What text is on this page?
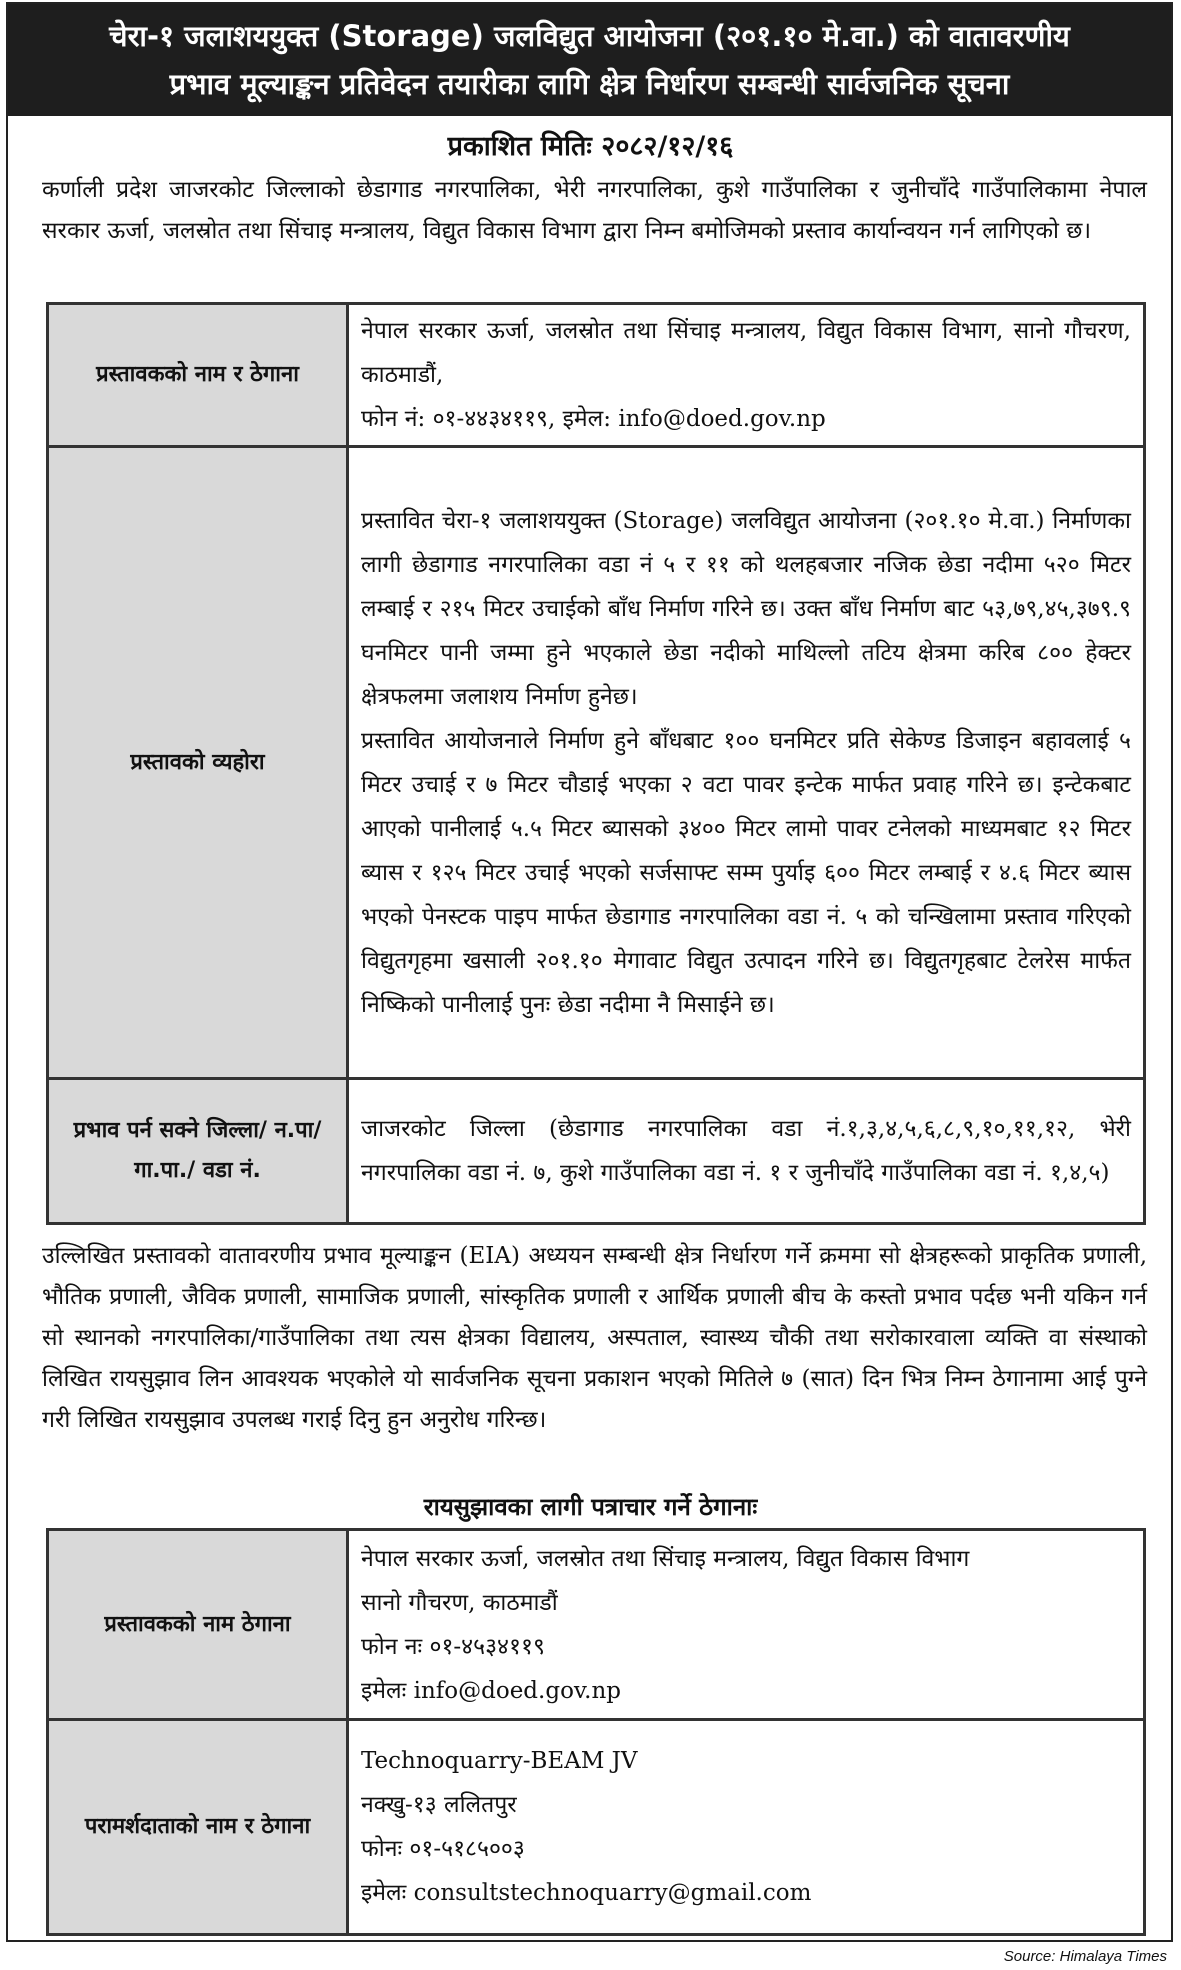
चेरा-१ जलाशययुक्त (Storage) जलविद्युत आयोजना (२०१.१० मे.वा.) को वातावरणीय
प्रभाव मूल्याङ्कन प्रतिवेदन तयारीका लागि क्षेत्र निर्धारण सम्बन्धी सार्वजनिक सूचना
प्रकाशित मितिः २०८२/१२/१६
कर्णाली प्रदेश जाजरकोट जिल्लाको छेडागाड नगरपालिका, भेरी नगरपालिका, कुशे गाउँपालिका र जुनीचाँदे गाउँपालिकामा नेपाल सरकार ऊर्जा, जलस्रोत तथा सिंचाइ मन्त्रालय, विद्युत विकास विभाग द्वारा निम्न बमोजिमको प्रस्ताव कार्यान्वयन गर्न लागिएको छ।
प्रस्तावकको नाम र ठेगाना	नेपाल सरकार ऊर्जा, जलस्रोत तथा सिंचाइ मन्त्रालय, विद्युत विकास विभाग, सानो गौचरण, काठमाडौं,
फोन नं: ०१-४४३४११९, इमेल: info@doed.gov.np

प्रस्तावको व्यहोरा	प्रस्तावित चेरा-१ जलाशययुक्त (Storage) जलविद्युत आयोजना (२०१.१० मे.वा.) निर्माणका लागी छेडागाड नगरपालिका वडा नं ५ र ११ को थलहबजार नजिक छेडा नदीमा ५२० मिटर लम्बाई र २१५ मिटर उचाईको बाँध निर्माण गरिने छ। उक्त बाँध निर्माण बाट ५३,७९,४५,३७९.९ घनमिटर पानी जम्मा हुने भएकाले छेडा नदीको माथिल्लो तटिय क्षेत्रमा करिब ८०० हेक्टर क्षेत्रफलमा जलाशय निर्माण हुनेछ।
प्रस्तावित आयोजनाले निर्माण हुने बाँधबाट १०० घनमिटर प्रति सेकेण्ड डिजाइन बहावलाई ५ मिटर उचाई र ७ मिटर चौडाई भएका २ वटा पावर इन्टेक मार्फत प्रवाह गरिने छ। इन्टेकबाट आएको पानीलाई ५.५ मिटर ब्यासको ३४०० मिटर लामो पावर टनेलको माध्यमबाट १२ मिटर ब्यास र १२५ मिटर उचाई भएको सर्जसाफ्ट सम्म पुर्याइ ६०० मिटर लम्बाई र ४.६ मिटर ब्यास भएको पेनस्टक पाइप मार्फत छेडागाड नगरपालिका वडा नं. ५ को चन्खिलामा प्रस्ताव गरिएको विद्युतगृहमा खसाली २०१.१० मेगावाट विद्युत उत्पादन गरिने छ। विद्युतगृहबाट टेलरेस मार्फत निष्किको पानीलाई पुनः छेडा नदीमा नै मिसाईने छ।

प्रभाव पर्न सक्ने जिल्ला/ न.पा/गा.पा./ वडा नं.	जाजरकोट जिल्ला (छेडागाड नगरपालिका वडा नं.१,३,४,५,६,८,९,१०,११,१२, भेरी नगरपालिका वडा नं. ७, कुशे गाउँपालिका वडा नं. १ र जुनीचाँदे गाउँपालिका वडा नं. १,४,५)
उल्लिखित प्रस्तावको वातावरणीय प्रभाव मूल्याङ्कन (EIA) अध्ययन सम्बन्धी क्षेत्र निर्धारण गर्ने क्रममा सो क्षेत्रहरूको प्राकृतिक प्रणाली, भौतिक प्रणाली, जैविक प्रणाली, सामाजिक प्रणाली, सांस्कृतिक प्रणाली र आर्थिक प्रणाली बीच के कस्तो प्रभाव पर्दछ भनी यकिन गर्न सो स्थानको नगरपालिका/गाउँपालिका तथा त्यस क्षेत्रका विद्यालय, अस्पताल, स्वास्थ्य चौकी तथा सरोकारवाला व्यक्ति वा संस्थाको लिखित रायसुझाव लिन आवश्यक भएकोले यो सार्वजनिक सूचना प्रकाशन भएको मितिले ७ (सात) दिन भित्र निम्न ठेगानामा आई पुग्ने गरी लिखित रायसुझाव उपलब्ध गराई दिनु हुन अनुरोध गरिन्छ।
रायसुझावका लागी पत्राचार गर्ने ठेगानाः
प्रस्तावकको नाम ठेगाना	नेपाल सरकार ऊर्जा, जलस्रोत तथा सिंचाइ मन्त्रालय, विद्युत विकास विभाग
सानो गौचरण, काठमाडौं
फोन नः ०१-४५३४११९
इमेलः info@doed.gov.np

परामर्शदाताको नाम र ठेगाना	Technoquarry-BEAM JV
नक्खु-१३ ललितपुर
फोनः ०१-५१८५००३
इमेलः consultstechnoquarry@gmail.com
Source: Himalaya Times
